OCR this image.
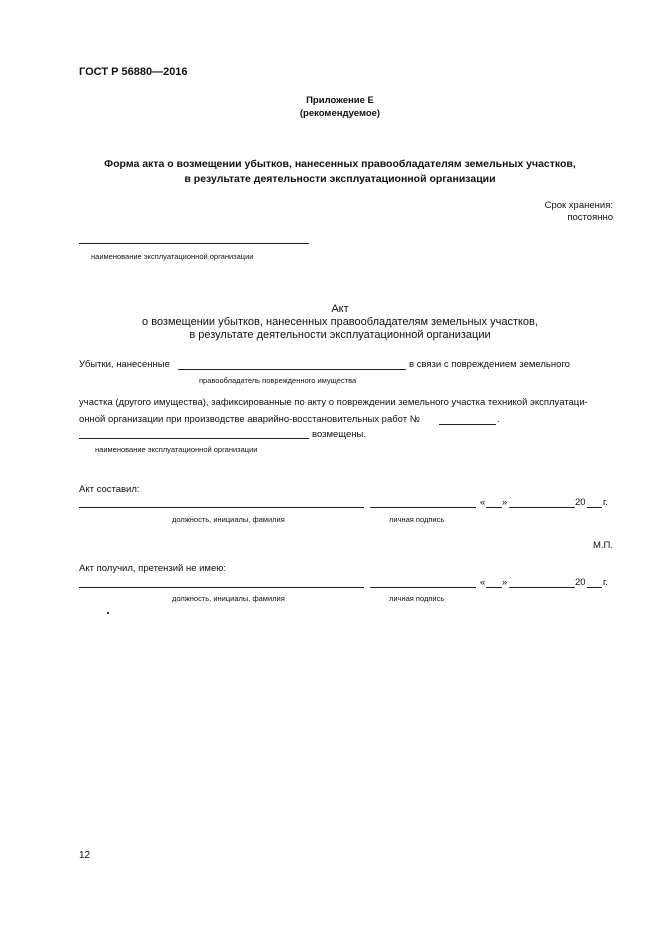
ГОСТ Р 56880—2016
Приложение Е
(рекомендуемое)
Форма акта о возмещении убытков, нанесенных правообладателям земельных участков,
в результате деятельности эксплуатационной организации
Срок хранения:
постоянно
наименование эксплуатационной организации
Акт
о возмещении убытков, нанесенных правообладателям земельных участков,
в результате деятельности эксплуатационной организации
Убытки, нанесенные	в связи с повреждением земельного
правообладатель поврежденного имущества
участка (другого имущества), зафиксированные по акту о повреждении земельного участка техникой эксплуатаци-
онной организации при производстве аварийно-восстановительных работ №	.
возмещены.
наименование эксплуатационной организации
Акт составил:
« »	20 г.
должность, инициалы, фамилия	личная подпись
М.П.
Акт получил, претензий не имею:
« »	20 г.
должность, инициалы, фамилия	личная подпись
12
